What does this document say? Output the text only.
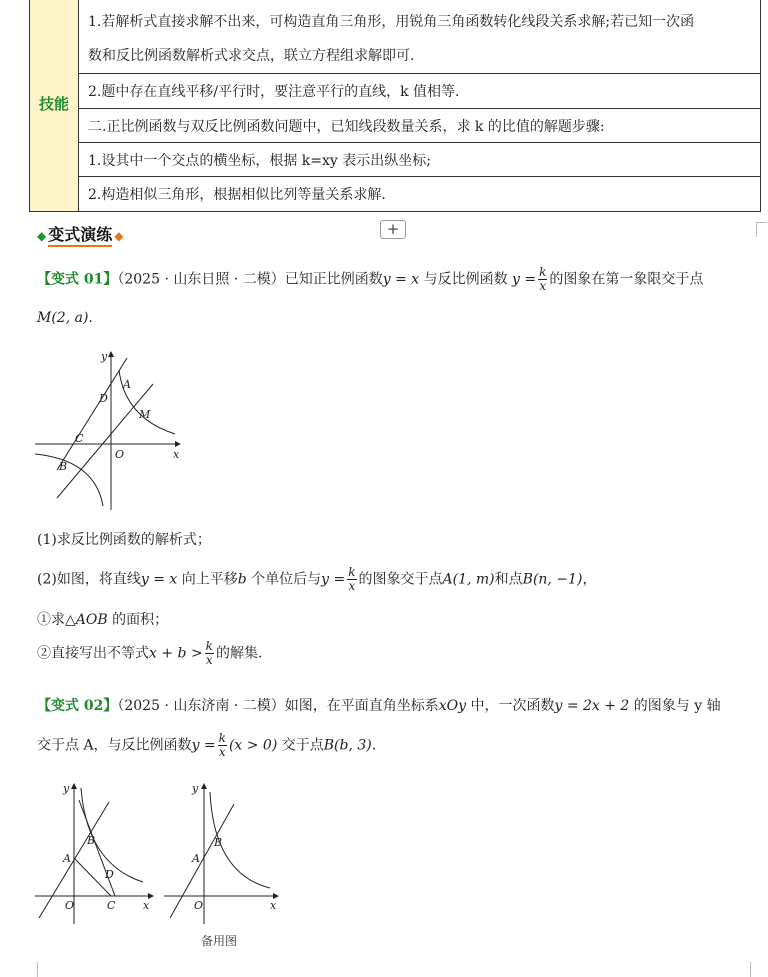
技能
1.若解析式直接求解不出来，可构造直角三角形，用锐角三角函数转化线段关系求解;若已知一次函
数和反比例函数解析式求交点，联立方程组求解即可.
2.题中存在直线平移/平行时，要注意平行的直线，k 值相等.
二.正比例函数与双反比例函数问题中，已知线段数量关系，求 k 的比值的解题步骤:
1.设其中一个交点的横坐标，根据 k=xy 表示出纵坐标;
2.构造相似三角形，根据相似比列等量关系求解.
◆ 变式演练 ◆	+
【变式 01】（2025 · 山东日照 · 二模）已知正比例函数y = x 与反比例函数 $y = \frac{k}{x}$ 的图象在第一象限交于点
M(2, a).
y
A
D
M
C
B
O	x
(1)求反比例函数的解析式；
(2)如图，将直线y = x 向上平移b 个单位后与$y = \frac{k}{x}$ 的图象交于点A(1, m)和点B(n, −1)，
①求△AOB 的面积；
②直接写出不等式$x + b > \frac{k}{x}$ 的解集.
【变式 02】（2025 · 山东济南 · 二模）如图，在平面直角坐标系xOy 中，一次函数y = 2x + 2 的图象与 y 轴
交于点 A，与反比例函数$y = \frac{k}{x} (x > 0)$ 交于点B(b, 3).
y
B
A
D
O	C	x
y
B
A
O	x
备用图
